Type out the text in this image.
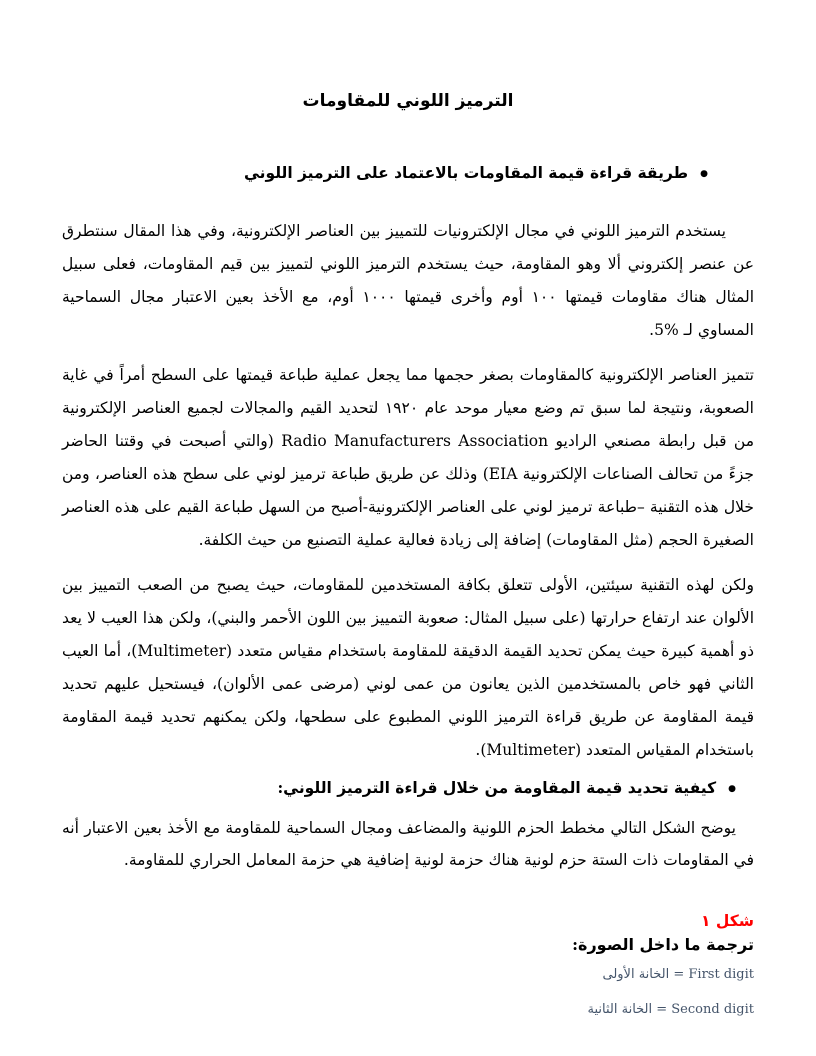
الترميز اللوني للمقاومات
●طريقة قراءة قيمة المقاومات بالاعتماد على الترميز اللوني

يستخدم الترميز اللوني في مجال الإلكترونيات للتمييز بين العناصر الإلكترونية، وفي هذا المقال سنتطرق عن عنصر إلكتروني ألا وهو المقاومة، حيث يستخدم الترميز اللوني لتمييز بين قيم المقاومات، فعلى سبيل المثال هناك مقاومات قيمتها ١٠٠ أوم وأخرى قيمتها ١٠٠٠ أوم، مع الأخذ بعين الاعتبار مجال السماحية المساوي لـ %5.

تتميز العناصر الإلكترونية كالمقاومات بصغر حجمها مما يجعل عملية طباعة قيمتها على السطح أمراً في غاية الصعوبة، ونتيجة لما سبق تم وضع معيار موحد عام ١٩٢٠ لتحديد القيم والمجالات لجميع العناصر الإلكترونية من قبل رابطة مصنعي الراديو Radio Manufacturers Association (والتي أصبحت في وقتنا الحاضر جزءً من تحالف الصناعات الإلكترونية EIA) وذلك عن طريق طباعة ترميز لوني على سطح هذه العناصر، ومن خلال هذه التقنية –طباعة ترميز لوني على العناصر الإلكترونية-أصبح من السهل طباعة القيم على هذه العناصر الصغيرة الحجم (مثل المقاومات) إضافة إلى زيادة فعالية عملية التصنيع من حيث الكلفة.

ولكن لهذه التقنية سيئتين، الأولى تتعلق بكافة المستخدمين للمقاومات، حيث يصبح من الصعب التمييز بين الألوان عند ارتفاع حرارتها (على سبيل المثال: صعوبة التمييز بين اللون الأحمر والبني)، ولكن هذا العيب لا يعد ذو أهمية كبيرة حيث يمكن تحديد القيمة الدقيقة للمقاومة باستخدام مقياس متعدد (Multimeter)، أما العيب الثاني فهو خاص بالمستخدمين الذين يعانون من عمى لوني (مرضى عمى الألوان)، فيستحيل عليهم تحديد قيمة المقاومة عن طريق قراءة الترميز اللوني المطبوع على سطحها، ولكن يمكنهم تحديد قيمة المقاومة باستخدام المقياس المتعدد (Multimeter).

●كيفية تحديد قيمة المقاومة من خلال قراءة الترميز اللوني:

يوضح الشكل التالي مخطط الحزم اللونية والمضاعف ومجال السماحية للمقاومة مع الأخذ بعين الاعتبار أنه في المقاومات ذات الستة حزم لونية هناك حزمة لونية إضافية هي حزمة المعامل الحراري للمقاومة.

شكل ١
ترجمة ما داخل الصورة:
First digit = الخانة الأولى
Second digit = الخانة الثانية
